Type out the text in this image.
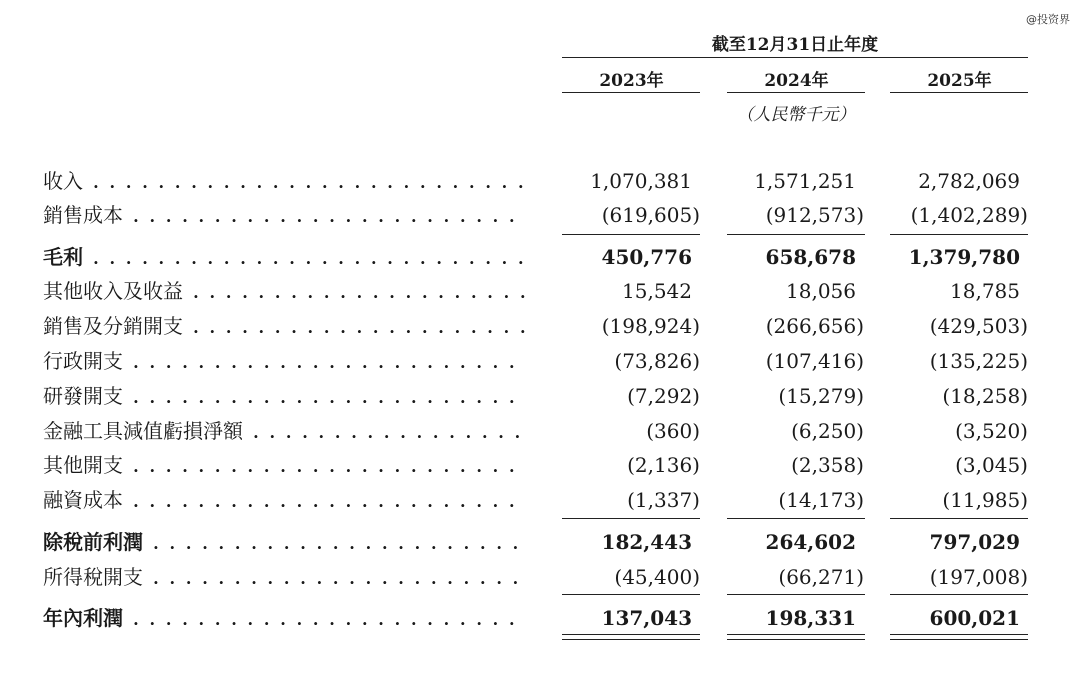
@投资界
截至12月31日止年度
2023年	2024年	2025年
（人民幣千元）
收入 . . .	1,070,381	1,571,251	2,782,069
銷售成本 . . .	(619,605)	(912,573)	(1,402,289)
毛利 . . .	450,776	658,678	1,379,780
其他收入及收益 . . .	15,542	18,056	18,785
銷售及分銷開支 . . .	(198,924)	(266,656)	(429,503)
行政開支 . . .	(73,826)	(107,416)	(135,225)
研發開支 . . .	(7,292)	(15,279)	(18,258)
金融工具減值虧損淨額 . . .	(360)	(6,250)	(3,520)
其他開支 . . .	(2,136)	(2,358)	(3,045)
融資成本 . . .	(1,337)	(14,173)	(11,985)
除稅前利潤 . . .	182,443	264,602	797,029
所得稅開支 . . .	(45,400)	(66,271)	(197,008)
年內利潤 . . .	137,043	198,331	600,021
